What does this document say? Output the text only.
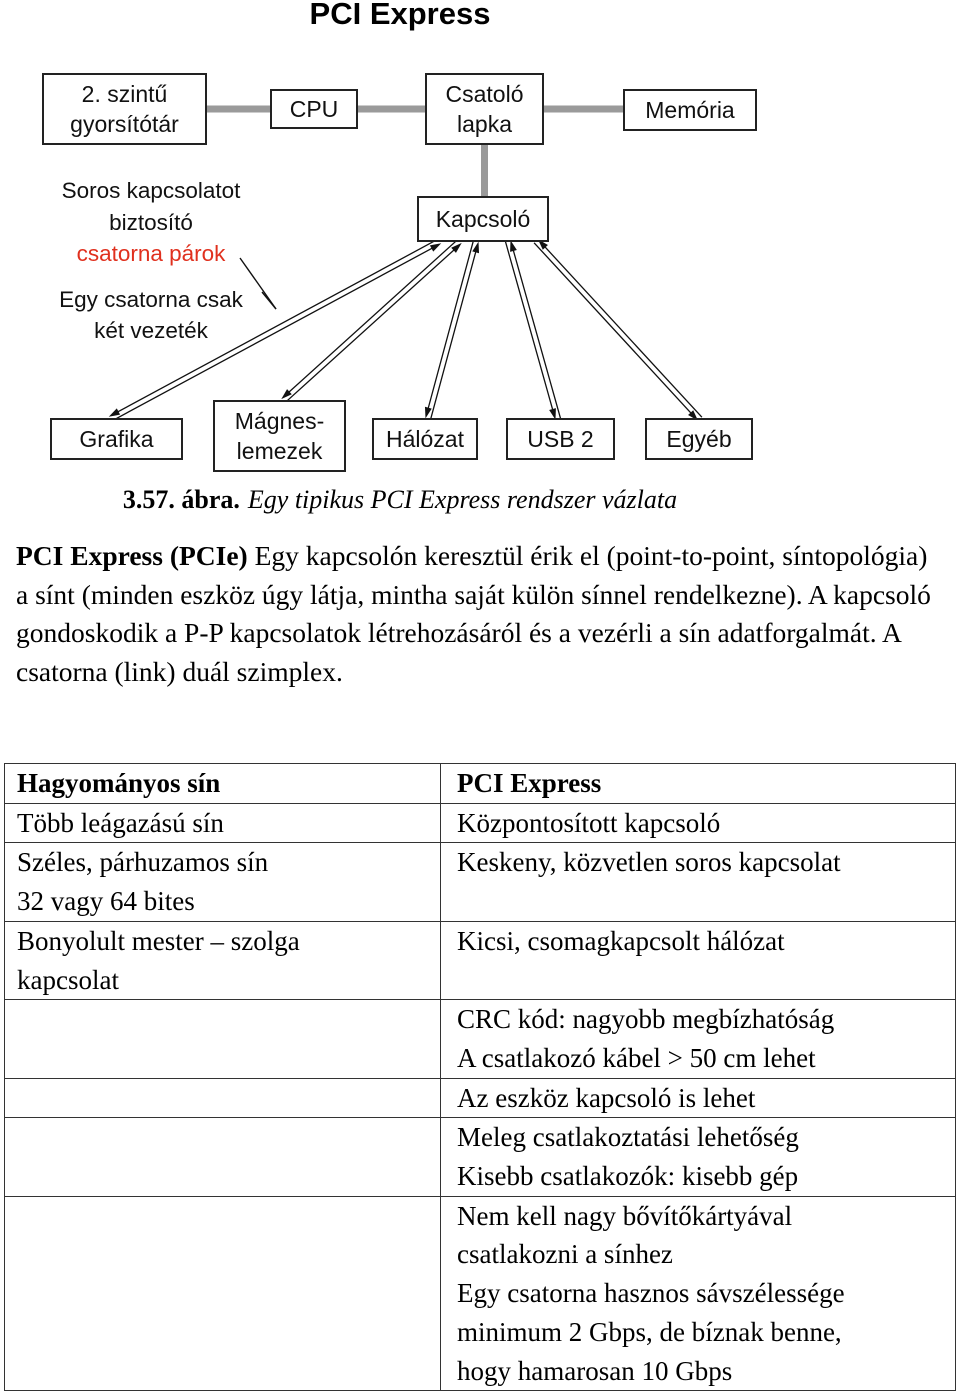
PCI Express
2. szintű
gyorsítótár
CPU
Csatoló
lapka
Memória
Kapcsoló
Grafika
Mágnes-
lemezek	Hálózat	USB 2	Egyéb
Soros kapcsolatot
biztosító
csatorna párok
Egy csatorna csak
két vezeték
3.57. ábra. Egy tipikus PCI Express rendszer vázlata
PCI Express (PCIe) Egy kapcsolón keresztül érik el (point-to-point, síntopológia) a sínt (minden eszköz úgy látja, mintha saját külön sínnel rendelkezne). A kapcsoló gondoskodik a P-P kapcsolatok létrehozásáról és a vezérli a sín adatforgalmát. A csatorna (link) duál szimplex.
Hagyományos sín	PCI Express

Több leágazású sín	Központosított kapcsoló

Széles, párhuzamos sín
32 vagy 64 bites	Keskeny, közvetlen soros kapcsolat

Bonyolult mester – szolga
kapcsolat	Kicsi, csomagkapcsolt hálózat

	CRC kód: nagyobb megbízhatóság
A csatlakozó kábel > 50 cm lehet

	Az eszköz kapcsoló is lehet

	Meleg csatlakoztatási lehetőség
Kisebb csatlakozók: kisebb gép

	Nem kell nagy bővítőkártyával
csatlakozni a sínhez
Egy csatorna hasznos sávszélessége
minimum 2 Gbps, de bíznak benne,
hogy hamarosan 10 Gbps
